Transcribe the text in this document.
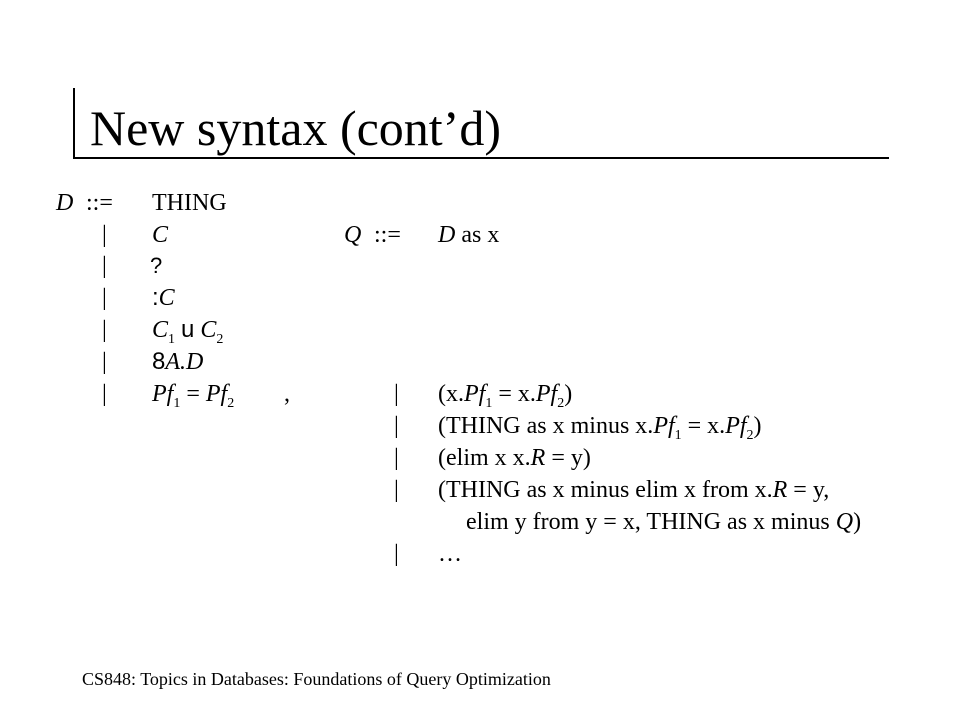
New syntax (cont’d)
D ::= THING
| C	Q ::= D as x
| ?
| :C
| $C_1$ u $C_2$
| 8A.D
| $Pf_1 = Pf_2$ ,	| $(x.Pf_1 = x.Pf_2)$
| (THING as x minus $x.Pf_1 = x.Pf_2$)
| (elim x x.R = y)
| (THING as x minus elim x from x.R = y,
elim y from y = x, THING as x minus Q)
| …
CS848: Topics in Databases: Foundations of Query Optimization
